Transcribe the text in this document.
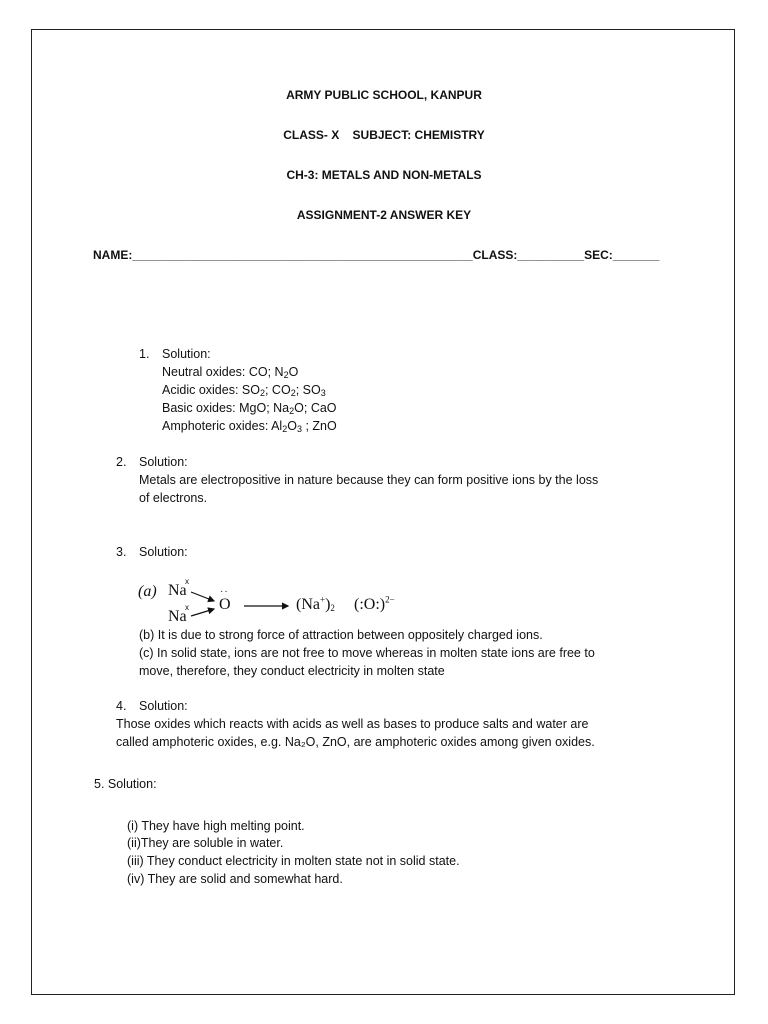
ARMY PUBLIC SCHOOL, KANPUR
CLASS- X    SUBJECT: CHEMISTRY
CH-3: METALS AND NON-METALS
ASSIGNMENT-2 ANSWER KEY
NAME:___________________________________________________CLASS:__________SEC:_______
1. Solution:
Neutral oxides: CO; $N_2O$
Acidic oxides: $SO_2$; $CO_2$; $SO_3$
Basic oxides: MgO; $Na_2O$; CaO
Amphoteric oxides: $Al_2O_3$ ; ZnO
2. Solution:
Metals are electropositive in nature because they can form positive ions by the loss
of electrons.
3. Solution:
(a) Na
x
Na
x O
··
$(Na^+)_2$ (:O:)$^{2-}$
(b) It is due to strong force of attraction between oppositely charged ions.
(c) In solid state, ions are not free to move whereas in molten state ions are free to
move, therefore, they conduct electricity in molten state
4. Solution:
Those oxides which reacts with acids as well as bases to produce salts and water are
called amphoteric oxides, e.g. Na₂O, ZnO, are amphoteric oxides among given oxides.
5. Solution:
(i) They have high melting point.
(ii)They are soluble in water.
(iii) They conduct electricity in molten state not in solid state.
(iv) They are solid and somewhat hard.
